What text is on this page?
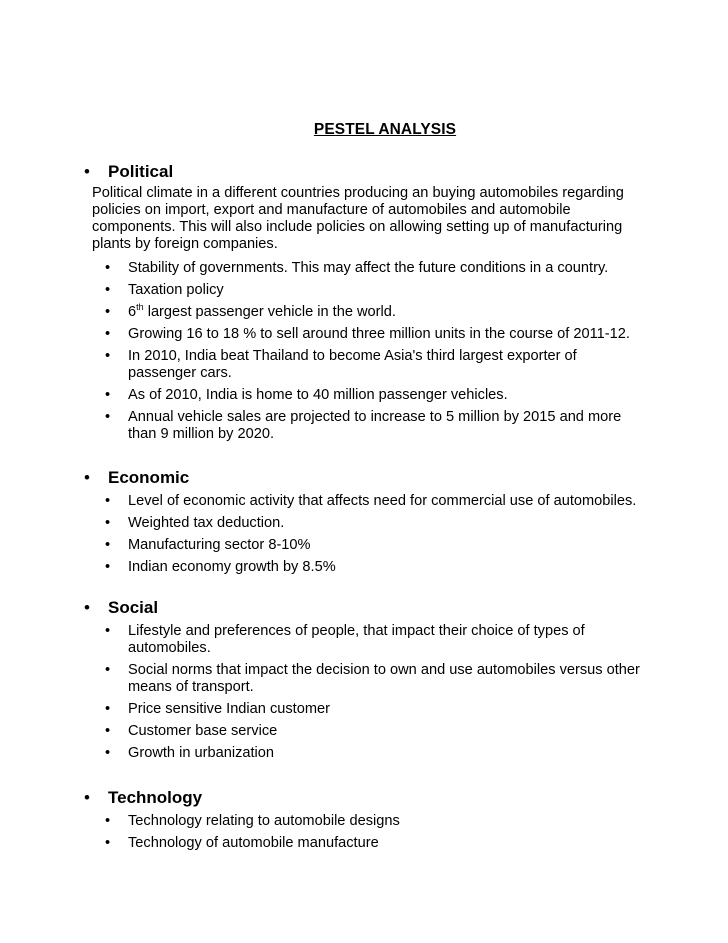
PESTEL ANALYSIS
• Political
Political climate in a different countries producing an buying automobiles regarding policies on import, export and manufacture of automobiles and automobile components. This will also include policies on allowing setting up of manufacturing plants by foreign companies.
• Stability of governments. This may affect the future conditions in a country.
• Taxation policy
• 6th largest passenger vehicle in the world.
• Growing 16 to 18 % to sell around three million units in the course of 2011-12.
• In 2010, India beat Thailand to become Asia's third largest exporter of passenger cars.
• As of 2010, India is home to 40 million passenger vehicles.
• Annual vehicle sales are projected to increase to 5 million by 2015 and more than 9 million by 2020.
• Economic
• Level of economic activity that affects need for commercial use of automobiles.
• Weighted tax deduction.
• Manufacturing sector 8-10%
• Indian economy growth by 8.5%
• Social
• Lifestyle and preferences of people, that impact their choice of types of automobiles.
• Social norms that impact the decision to own and use automobiles versus other means of transport.
• Price sensitive Indian customer
• Customer base service
• Growth in urbanization
• Technology
• Technology relating to automobile designs
• Technology of automobile manufacture
